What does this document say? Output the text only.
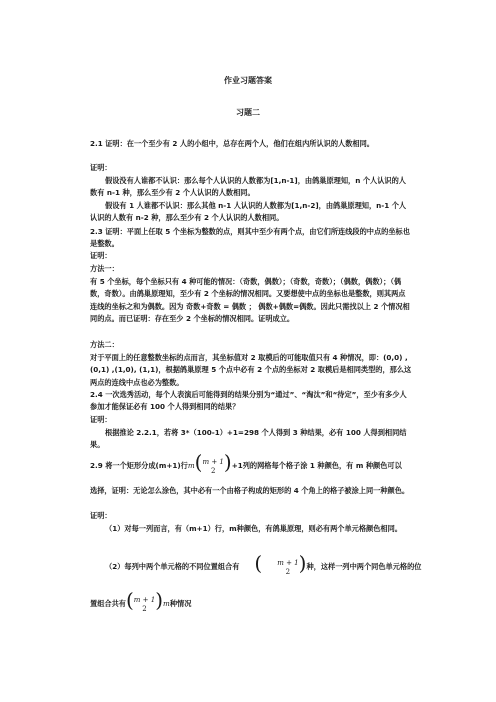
作业习题答案
习题二

2.1 证明：在一个至少有 2 人的小组中，总存在两个人，他们在组内所认识的人数相同。

证明：

假设没有人谁都不认识：那么每个人认识的人数都为[1,n-1]，由鸽巢原理知，n 个人认识的人数有 n-1 种，那么至少有 2 个人认识的人数相同。

假设有 1 人谁都不认识：那么其他 n-1 人认识的人数都为[1,n-2]，由鸽巢原理知，n-1 个人认识的人数有 n-2 种，那么至少有 2 个人认识的人数相同。

2.3 证明：平面上任取 5 个坐标为整数的点，则其中至少有两个点，由它们所连线段的中点的坐标也是整数。

证明：

方法一：

有 5 个坐标，每个坐标只有 4 种可能的情况：（奇数，偶数）；（奇数，奇数）；（偶数，偶数）；（偶数，奇数）。由鸽巢原理知，至少有 2 个坐标的情况相同。又要想使中点的坐标也是整数，则其两点连线的坐标之和为偶数。因为 奇数+奇数 = 偶数 ； 偶数+偶数=偶数。因此只需找以上 2 个情况相同的点。而已证明：存在至少 2 个坐标的情况相同。证明成立。

方法二：

对于平面上的任意整数坐标的点而言，其坐标值对 2 取模后的可能取值只有 4 种情况，即：(0,0) ,(0,1) ,(1,0), (1,1)，根据鸽巢原理 5 个点中必有 2 个点的坐标对 2 取模后是相同类型的，那么这两点的连线中点也必为整数。

2.4 一次选秀活动，每个人表演后可能得到的结果分别为“通过”、“淘汰”和“待定”，至少有多少人参加才能保证必有 100 个人得到相同的结果？

证明：

根据推论 2.2.1，若将 3*（100-1）+1=298 个人得到 3 种结果，必有 100 人得到相同结果。

2.9 将一个矩形分成(m+1)行m( m + 1
2 )+1列的网格每个格子涂 1 种颜色，有 m 种颜色可以

选择，证明：无论怎么涂色，其中必有一个由格子构成的矩形的 4 个角上的格子被涂上同一种颜色。

证明：

（1）对每一列而言，有（m+1）行，m种颜色，有鸽巢原理，则必有两个单元格颜色相同。

（2）每列中两个单元格的不同位置组合有 (	m + 1
2 )种，这样一列中两个同色单元格的位
置组合共有( m + 1
2 )m种情况
